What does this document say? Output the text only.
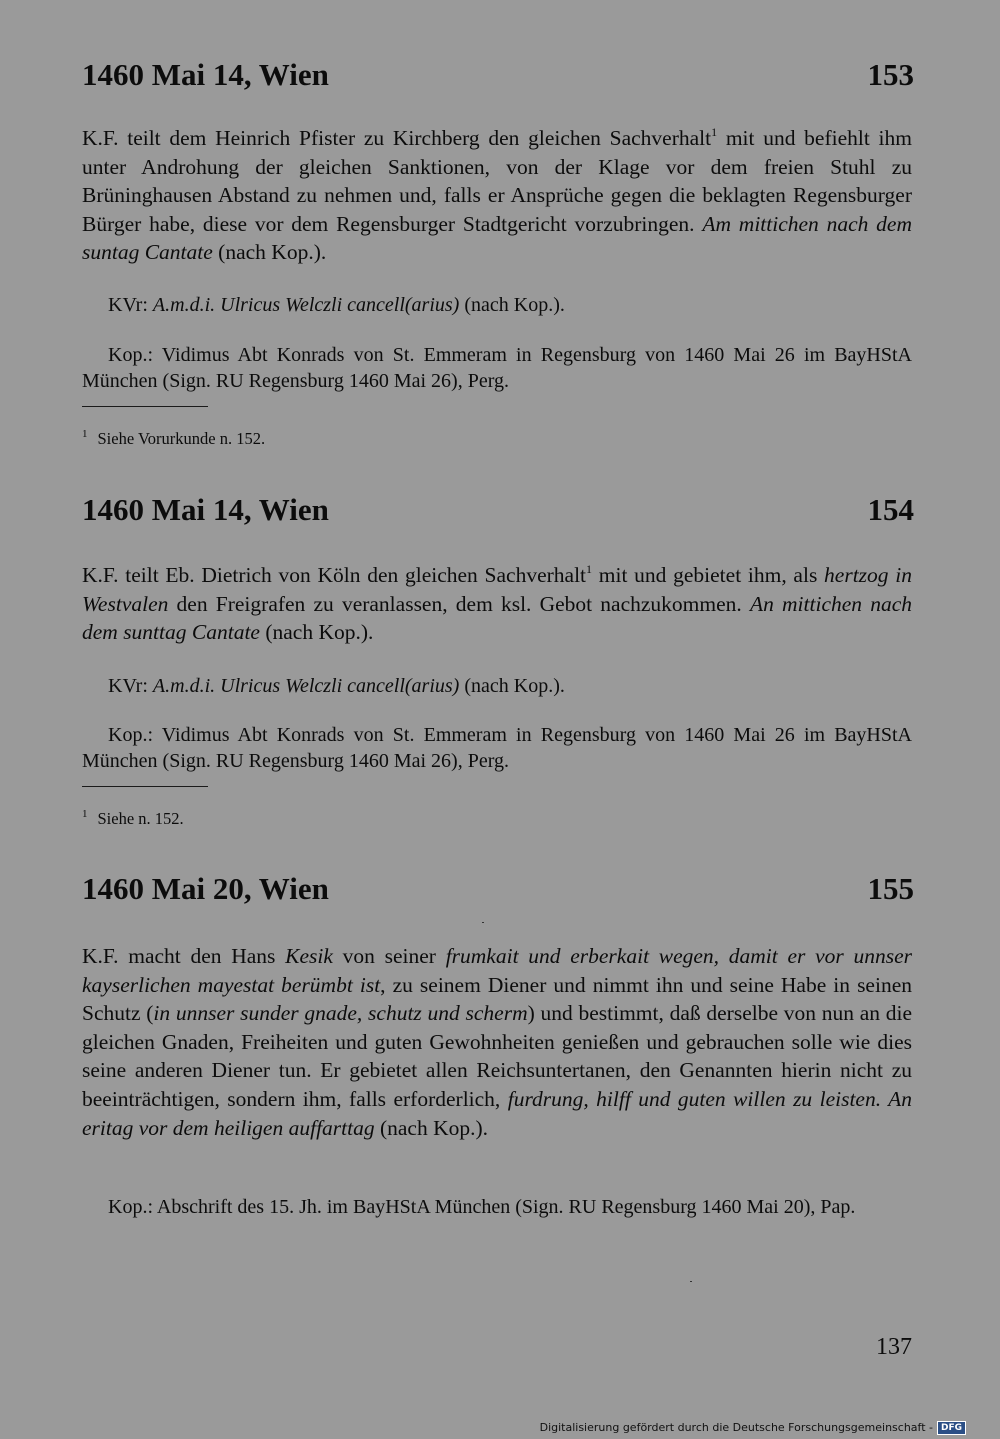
1460 Mai 14, Wien	153

K.F. teilt dem Heinrich Pfister zu Kirchberg den gleichen Sachverhalt$^1$ mit und befiehlt ihm unter Androhung der gleichen Sanktionen, von der Klage vor dem freien Stuhl zu Brüninghausen Abstand zu nehmen und, falls er Ansprüche gegen die beklagten Regensburger Bürger habe, diese vor dem Regensburger Stadtgericht vorzubringen. Am mittichen nach dem suntag Cantate (nach Kop.).

KVr: A.m.d.i. Ulricus Welczli cancell(arius) (nach Kop.).

Kop.: Vidimus Abt Konrads von St. Emmeram in Regensburg von 1460 Mai 26 im BayHStA München (Sign. RU Regensburg 1460 Mai 26), Perg.

$^1$ Siehe Vorurkunde n. 152.
1460 Mai 14, Wien	154

K.F. teilt Eb. Dietrich von Köln den gleichen Sachverhalt$^1$ mit und gebietet ihm, als hertzog in Westvalen den Freigrafen zu veranlassen, dem ksl. Gebot nachzukommen. An mittichen nach dem sunttag Cantate (nach Kop.).

KVr: A.m.d.i. Ulricus Welczli cancell(arius) (nach Kop.).

Kop.: Vidimus Abt Konrads von St. Emmeram in Regensburg von 1460 Mai 26 im BayHStA München (Sign. RU Regensburg 1460 Mai 26), Perg.

$^1$ Siehe n. 152.
1460 Mai 20, Wien	155

K.F. macht den Hans Kesik von seiner frumkait und erberkait wegen, damit er vor unnser kayserlichen mayestat berümbt ist, zu seinem Diener und nimmt ihn und seine Habe in seinen Schutz (in unnser sunder gnade, schutz und scherm) und bestimmt, daß derselbe von nun an die gleichen Gnaden, Freiheiten und guten Gewohnheiten genießen und gebrauchen solle wie dies seine anderen Diener tun. Er gebietet allen Reichsuntertanen, den Genannten hierin nicht zu beeinträchtigen, sondern ihm, falls erforderlich, furdrung, hilff und guten willen zu leisten. An eritag vor dem heiligen auffarttag (nach Kop.).

Kop.: Abschrift des 15. Jh. im BayHStA München (Sign. RU Regensburg 1460 Mai 20), Pap.

137
Digitalisierung gefördert durch die Deutsche Forschungsgemeinschaft - DFG
